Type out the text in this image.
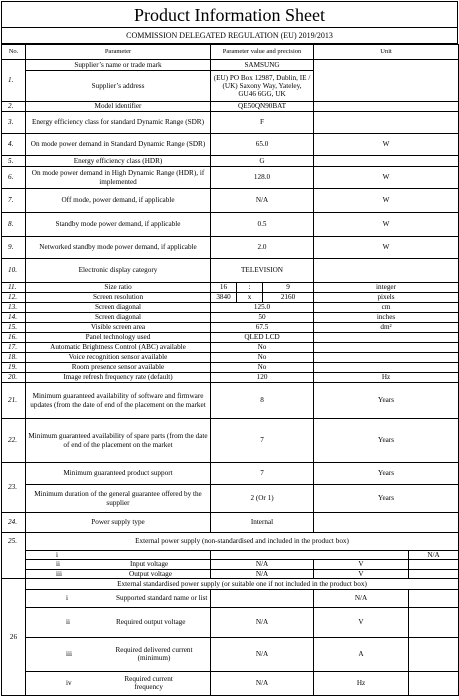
Product Information Sheet
COMMISSION DELEGATED REGULATION (EU) 2019/2013
No.	Parameter	Parameter value and precision			Unit		
1.	Supplier’s name or trade mark	SAMSUNG					
	Supplier’s address	(EU) PO Box 12987, Dublin, IE / (UK) Saxony Way, Yateley, GU46 6GG, UK					
2.	Model identifier	QE50QN90BAT					
3.	Energy efficiency class for standard Dynamic Range (SDR)	F					
4.	On mode power demand in Standard Dynamic Range (SDR)	65.0			W		
5.	Energy efficiency class (HDR)	G					
6.	On mode power demand in High Dynamic Range (HDR), if implemented	128.0			W		
7.	Off mode, power demand, if applicable	N/A			W		
8.	Standby mode power demand, if applicable	0.5			W		
9.	Networked standby mode power demand, if applicable	2.0			W		
10.	Electronic display category	TELEVISION					
11.	Size ratio	16	:	9	integer		
12.	Screen resolution	3840	x	2160	pixels		
13.	Screen diagonal	125.0			cm		
14.	Screen diagonal	50			inches		
15.	Visible screen area	67.5			dm²		
16.	Panel technology used	QLED LCD					
17.	Automatic Brightness Control (ABC) available	No					
18.	Voice recognition sensor available	No					
19.	Room presence sensor available	No					
20.	Image refresh frequency rate (default)	120			Hz		
21.	Minimum guaranteed availability of software and firmware updates (from the date of end of the placement on the market	8			Years		
22.	Minimum guaranteed availability of spare parts (from the date of end of the placement on the market	7			Years		
23.	Minimum guaranteed product support	7			Years		
	Minimum duration of the general guarantee offered by the supplier	2 (Or 1)			Years		
24.	Power supply type	Internal					
25.	External power supply (non-standardised and included in the product box)						
	i					N/A	
	ii Input voltage	N/A			V		
	iii Output voltage	N/A			V		
26	External standardised power supply (or suitable one if not included in the product box)						
	i Supported standard name or list				N/A		
	ii Required output voltage	N/A			V		
	iii Required delivered current (minimum)	N/A			A		
	iv Required current frequency	N/A			Hz		
